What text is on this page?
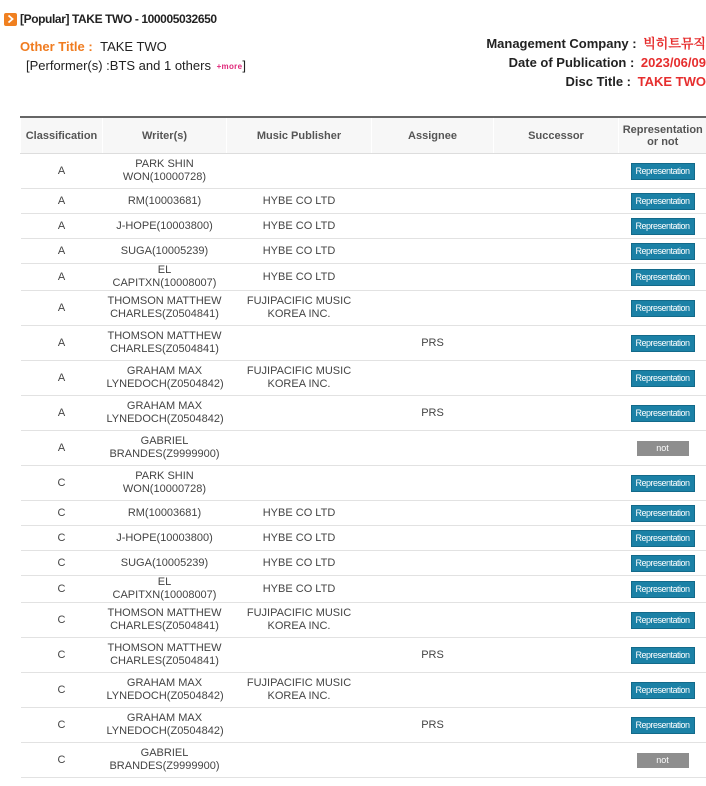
[Popular] TAKE TWO - 100005032650
Other Title : TAKE TWO
[Performer(s) :BTS and 1 others +more]
Management Company : 빅히트뮤직
Date of Publication : 2023/06/09
Disc Title : TAKE TWO
Classification	Writer(s)	Music Publisher	Assignee	Successor	Representation or not
A	PARK SHIN WON(10000728)				Representation
A	RM(10003681)	HYBE CO LTD			Representation
A	J-HOPE(10003800)	HYBE CO LTD			Representation
A	SUGA(10005239)	HYBE CO LTD			Representation
A	EL CAPITXN(10008007)	HYBE CO LTD			Representation
A	THOMSON MATTHEW CHARLES(Z0504841)	FUJIPACIFIC MUSIC KOREA INC.			Representation
A	THOMSON MATTHEW CHARLES(Z0504841)		PRS		Representation
A	GRAHAM MAX LYNEDOCH(Z0504842)	FUJIPACIFIC MUSIC KOREA INC.			Representation
A	GRAHAM MAX LYNEDOCH(Z0504842)		PRS		Representation
A	GABRIEL BRANDES(Z9999900)				not
C	PARK SHIN WON(10000728)				Representation
C	RM(10003681)	HYBE CO LTD			Representation
C	J-HOPE(10003800)	HYBE CO LTD			Representation
C	SUGA(10005239)	HYBE CO LTD			Representation
C	EL CAPITXN(10008007)	HYBE CO LTD			Representation
C	THOMSON MATTHEW CHARLES(Z0504841)	FUJIPACIFIC MUSIC KOREA INC.			Representation
C	THOMSON MATTHEW CHARLES(Z0504841)		PRS		Representation
C	GRAHAM MAX LYNEDOCH(Z0504842)	FUJIPACIFIC MUSIC KOREA INC.			Representation
C	GRAHAM MAX LYNEDOCH(Z0504842)		PRS		Representation
C	GABRIEL BRANDES(Z9999900)				not
